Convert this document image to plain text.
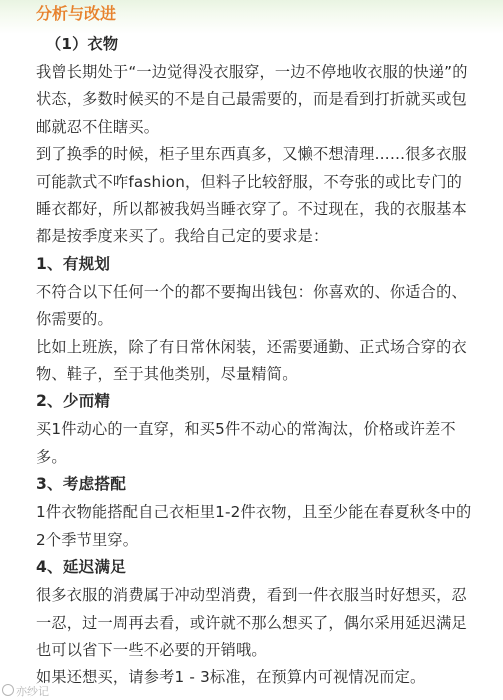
分析与改进

（1）衣物

我曾长期处于“一边觉得没衣服穿，一边不停地收衣服的快递”的状态，多数时候买的不是自己最需要的，而是看到打折就买或包邮就忍不住瞎买。

到了换季的时候，柜子里东西真多，又懒不想清理……很多衣服可能款式不咋fashion，但料子比较舒服，不夸张的或比专门的睡衣都好，所以都被我妈当睡衣穿了。不过现在，我的衣服基本都是按季度来买了。我给自己定的要求是：

1、有规划

不符合以下任何一个的都不要掏出钱包：你喜欢的、你适合的、你需要的。

比如上班族，除了有日常休闲装，还需要通勤、正式场合穿的衣物、鞋子，至于其他类别，尽量精简。

2、少而精

买1件动心的一直穿，和买5件不动心的常淘汰，价格或许差不多。

3、考虑搭配

1件衣物能搭配自己衣柜里1-2件衣物，且至少能在春夏秋冬中的2个季节里穿。

4、延迟满足

很多衣服的消费属于冲动型消费，看到一件衣服当时好想买，忍一忍，过一周再去看，或许就不那么想买了，偶尔采用延迟满足也可以省下一些不必要的开销哦。

如果还想买，请参考1 - 3标准，在预算内可视情况而定。

亦纱记
